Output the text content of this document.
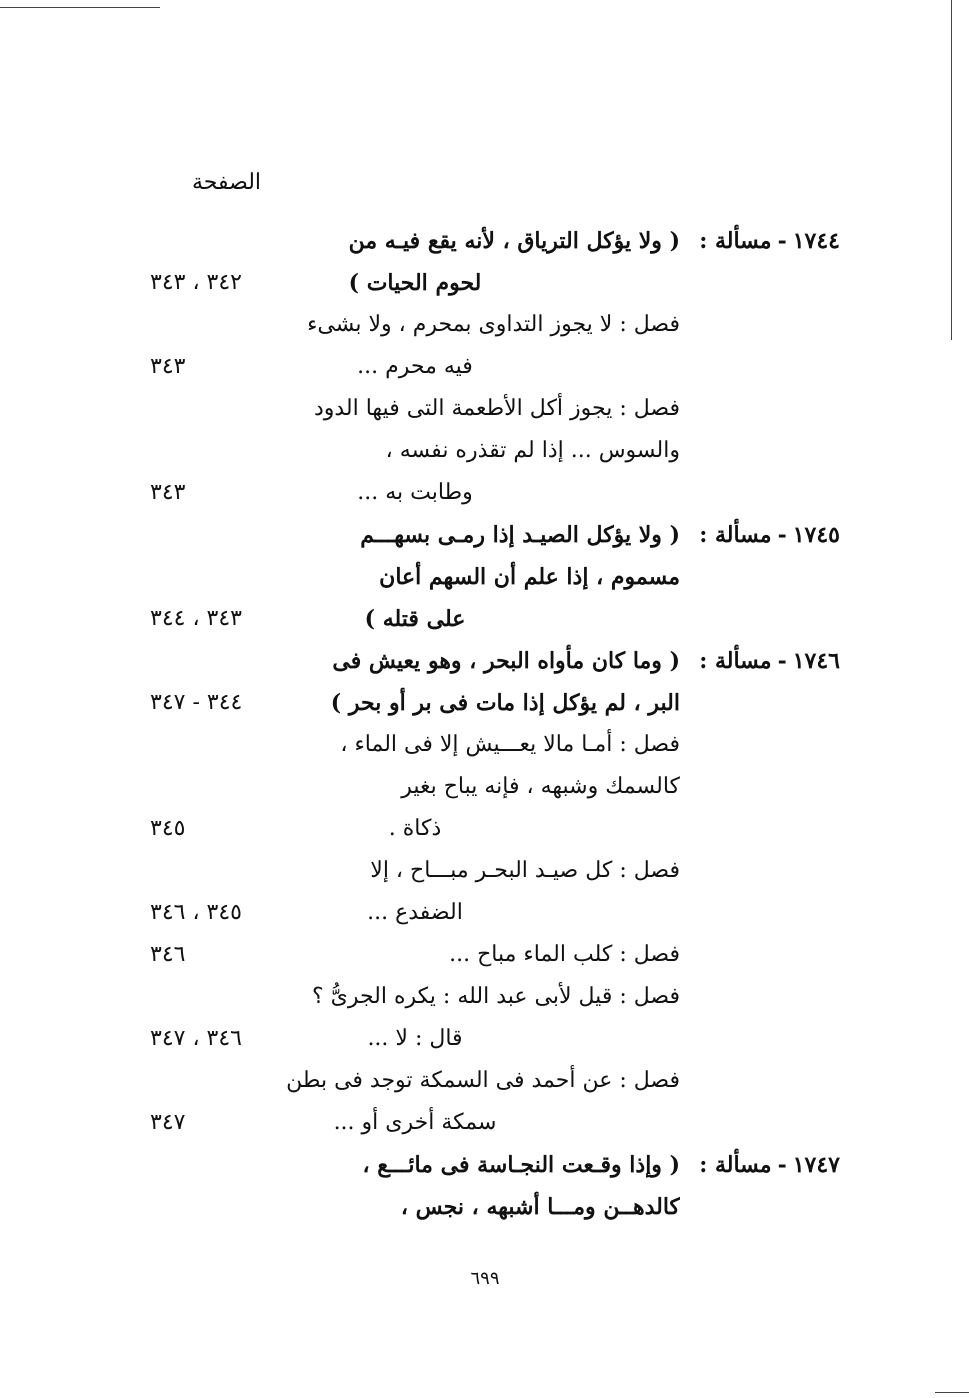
الصفحة
١٧٤٤-مسألة :
( ولا يؤكل الترياق ، لأنه يقع فيـه من
لحوم الحيات )
٣٤٢ ، ٣٤٣
فصل : لا يجوز التداوى بمحرم ، ولا بشىء
فيه محرم ...
٣٤٣
فصل : يجوز أكل الأطعمة التى فيها الدود
والسوس ... إذا لم تقذره نفسه ،
وطابت به ...
٣٤٣
١٧٤٥-مسألة :
( ولا يؤكل الصيـد إذا رمـى بسهـــم
مسموم ، إذا علم أن السهم أعان
على قتله )
٣٤٣ ، ٣٤٤
١٧٤٦-مسألة :
( وما كان مأواه البحر ، وهو يعيش فى
البر ، لم يؤكل إذا مات فى بر أو بحر )
٣٤٤ - ٣٤٧
فصل : أمـا مالا يعـــيش إلا فى الماء ،
كالسمك وشبهه ، فإنه يباح بغير
ذكاة .
٣٤٥
فصل : كل صيـد البحـر مبـــاح ، إلا
الضفدع ...
٣٤٥ ، ٣٤٦
فصل : كلب الماء مباح ...
٣٤٦
فصل : قيل لأبى عبد الله : يكره الجرىُّ ؟
قال : لا ...
٣٤٦ ، ٣٤٧
فصل : عن أحمد فى السمكة توجد فى بطن
سمكة أخرى أو ...
٣٤٧
١٧٤٧-مسألة :
( وإذا وقـعت النجـاسة فى مائـــع ،
كالدهــن ومـــا أشبهه ، نجس ،
٦٩٩
